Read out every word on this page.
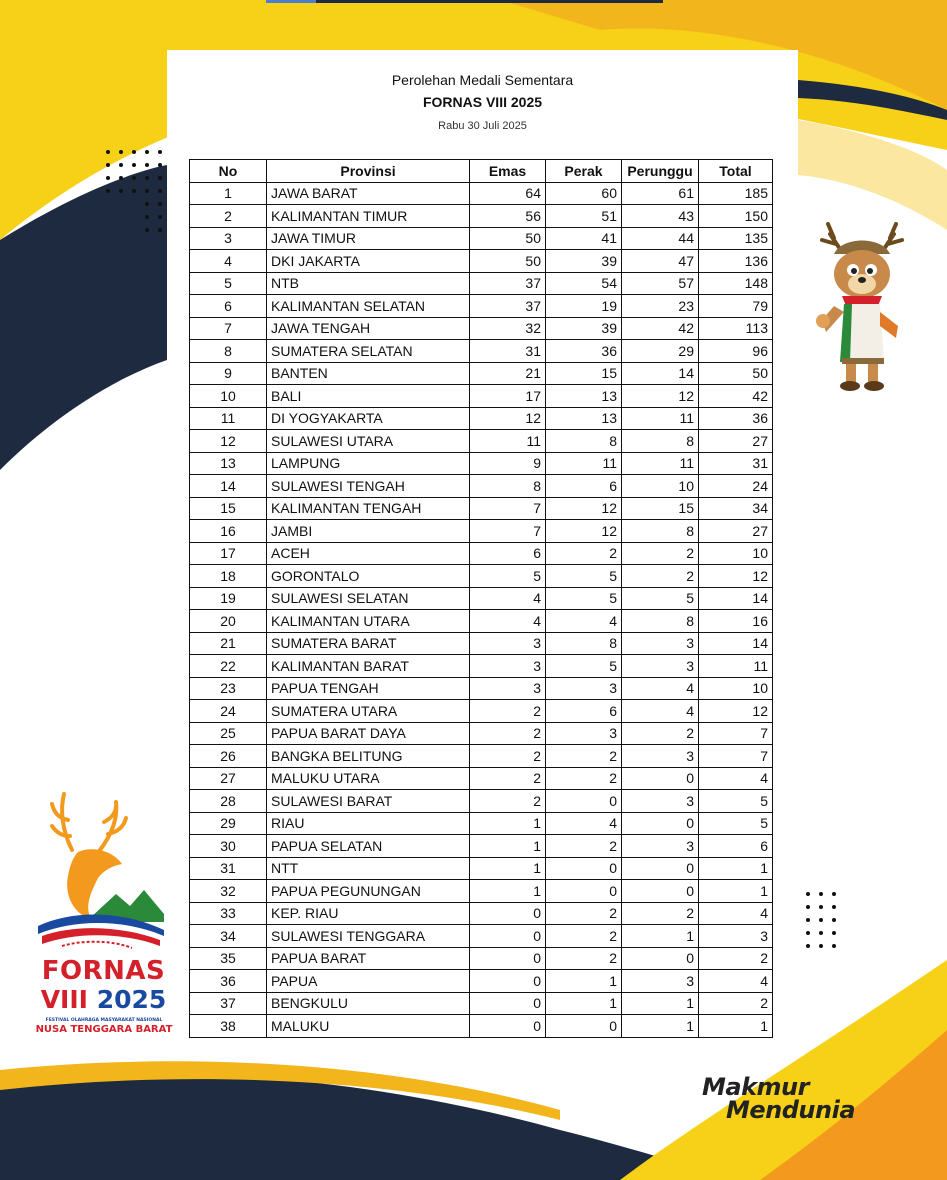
Perolehan Medali Sementara
FORNAS VIII 2025
Rabu 30 Juli 2025
No	Provinsi	Emas	Perak	Perunggu	Total
1	JAWA BARAT	64	60	61	185
2	KALIMANTAN TIMUR	56	51	43	150
3	JAWA TIMUR	50	41	44	135
4	DKI JAKARTA	50	39	47	136
5	NTB	37	54	57	148
6	KALIMANTAN SELATAN	37	19	23	79
7	JAWA TENGAH	32	39	42	113
8	SUMATERA SELATAN	31	36	29	96
9	BANTEN	21	15	14	50
10	BALI	17	13	12	42
11	DI YOGYAKARTA	12	13	11	36
12	SULAWESI UTARA	11	8	8	27
13	LAMPUNG	9	11	11	31
14	SULAWESI TENGAH	8	6	10	24
15	KALIMANTAN TENGAH	7	12	15	34
16	JAMBI	7	12	8	27
17	ACEH	6	2	2	10
18	GORONTALO	5	5	2	12
19	SULAWESI SELATAN	4	5	5	14
20	KALIMANTAN UTARA	4	4	8	16
21	SUMATERA BARAT	3	8	3	14
22	KALIMANTAN BARAT	3	5	3	11
23	PAPUA TENGAH	3	3	4	10
24	SUMATERA UTARA	2	6	4	12
25	PAPUA BARAT DAYA	2	3	2	7
26	BANGKA BELITUNG	2	2	3	7
27	MALUKU UTARA	2	2	0	4
28	SULAWESI BARAT	2	0	3	5
29	RIAU	1	4	0	5
30	PAPUA SELATAN	1	2	3	6
31	NTT	1	0	0	1
32	PAPUA PEGUNUNGAN	1	0	0	1
33	KEP. RIAU	0	2	2	4
34	SULAWESI TENGGARA	0	2	1	3
35	PAPUA BARAT	0	2	0	2
36	PAPUA	0	1	3	4
37	BENGKULU	0	1	1	2
38	MALUKU	0	0	1	1
FORNAS
VIII 2025
FESTIVAL OLAHRAGA MASYARAKAT NASIONAL
NUSA TENGGARA BARAT
Makmur
Mendunia
